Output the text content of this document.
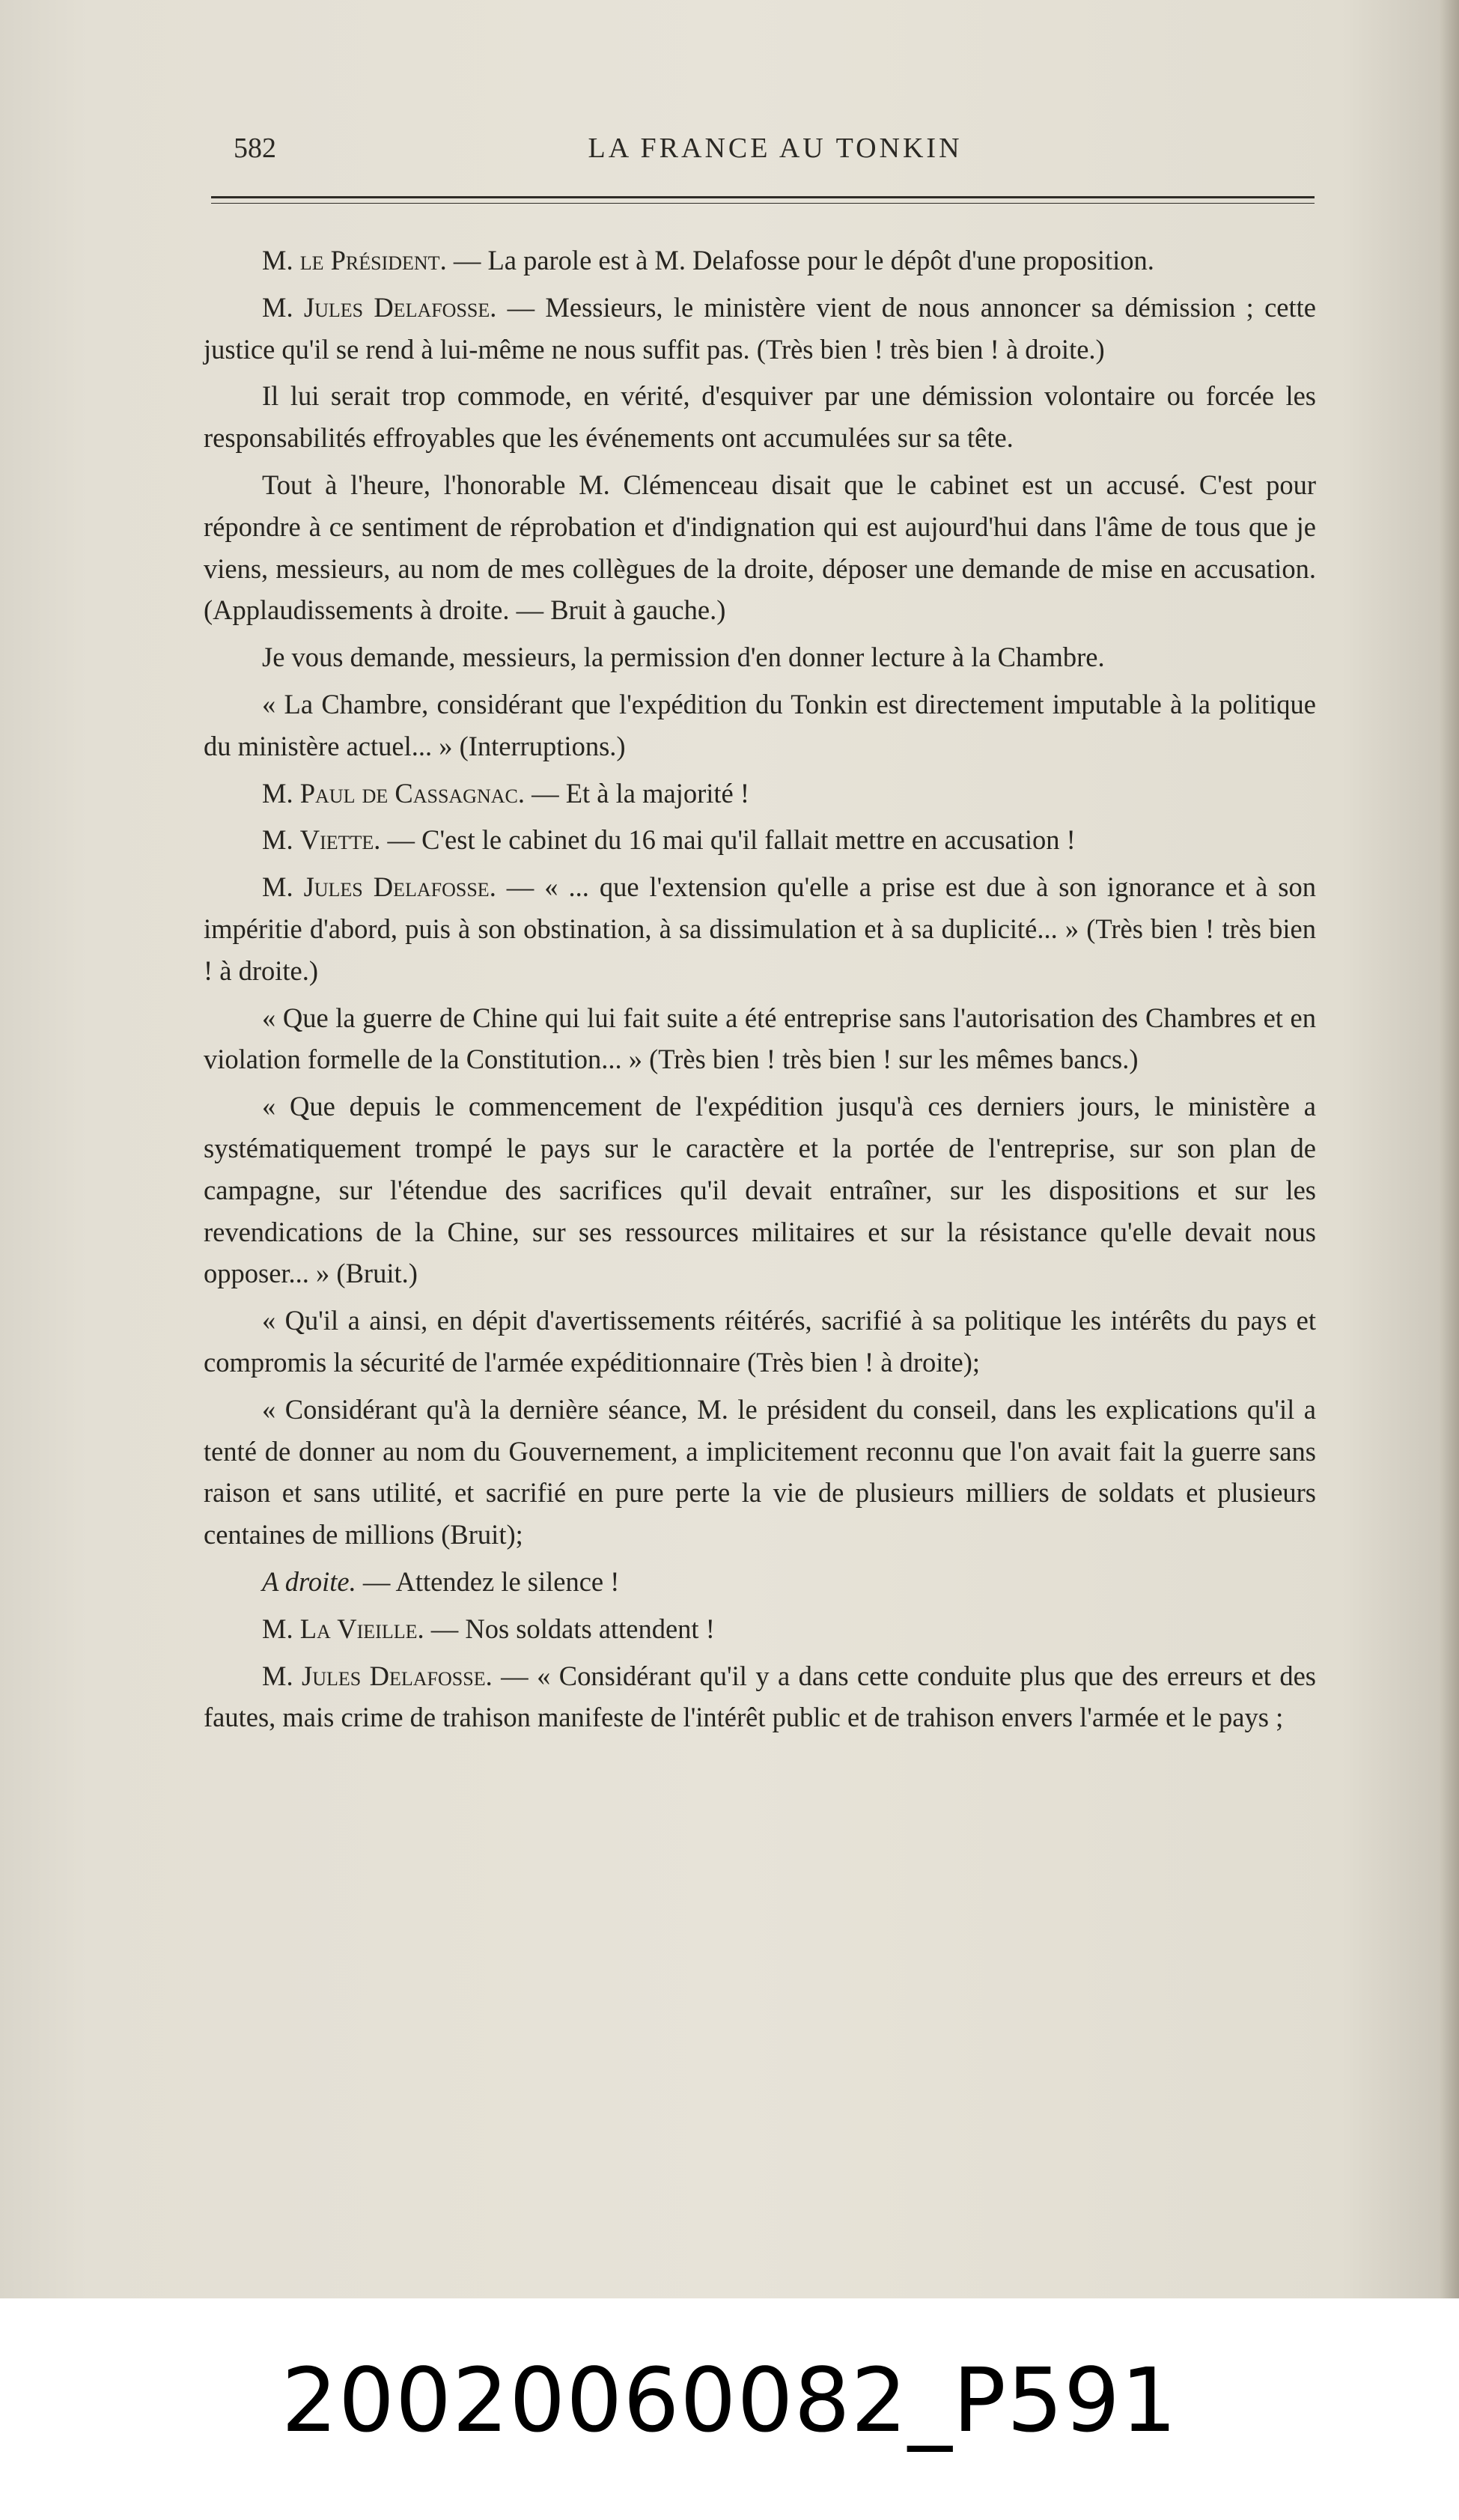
582	LA FRANCE AU TONKIN

M. le Président. — La parole est à M. Delafosse pour le dépôt d'une proposition.

M. Jules Delafosse. — Messieurs, le ministère vient de nous annoncer sa démission ; cette justice qu'il se rend à lui-même ne nous suffit pas. (Très bien ! très bien ! à droite.)

Il lui serait trop commode, en vérité, d'esquiver par une démission volontaire ou forcée les responsabilités effroyables que les événements ont accumulées sur sa tête.

Tout à l'heure, l'honorable M. Clémenceau disait que le cabinet est un accusé. C'est pour répondre à ce sentiment de réprobation et d'indignation qui est aujourd'hui dans l'âme de tous que je viens, messieurs, au nom de mes collègues de la droite, déposer une demande de mise en accusation. (Applaudissements à droite. — Bruit à gauche.)

Je vous demande, messieurs, la permission d'en donner lecture à la Chambre.

« La Chambre, considérant que l'expédition du Tonkin est directement imputable à la politique du ministère actuel... » (Interruptions.)

M. Paul de Cassagnac. — Et à la majorité !

M. Viette. — C'est le cabinet du 16 mai qu'il fallait mettre en accusation !

M. Jules Delafosse. — « ... que l'extension qu'elle a prise est due à son ignorance et à son impéritie d'abord, puis à son obstination, à sa dissimulation et à sa duplicité... » (Très bien ! très bien ! à droite.)

« Que la guerre de Chine qui lui fait suite a été entreprise sans l'autorisation des Chambres et en violation formelle de la Constitution... » (Très bien ! très bien ! sur les mêmes bancs.)

« Que depuis le commencement de l'expédition jusqu'à ces derniers jours, le ministère a systématiquement trompé le pays sur le caractère et la portée de l'entreprise, sur son plan de campagne, sur l'étendue des sacrifices qu'il devait entraîner, sur les dispositions et sur les revendications de la Chine, sur ses ressources militaires et sur la résistance qu'elle devait nous opposer... » (Bruit.)

« Qu'il a ainsi, en dépit d'avertissements réitérés, sacrifié à sa politique les intérêts du pays et compromis la sécurité de l'armée expéditionnaire (Très bien ! à droite);

« Considérant qu'à la dernière séance, M. le président du conseil, dans les explications qu'il a tenté de donner au nom du Gouvernement, a implicitement reconnu que l'on avait fait la guerre sans raison et sans utilité, et sacrifié en pure perte la vie de plusieurs milliers de soldats et plusieurs centaines de millions (Bruit);

A droite. — Attendez le silence !

M. La Vieille. — Nos soldats attendent !

M. Jules Delafosse. — « Considérant qu'il y a dans cette conduite plus que des erreurs et des fautes, mais crime de trahison manifeste de l'intérêt public et de trahison envers l'armée et le pays ;

20020060082_P591
